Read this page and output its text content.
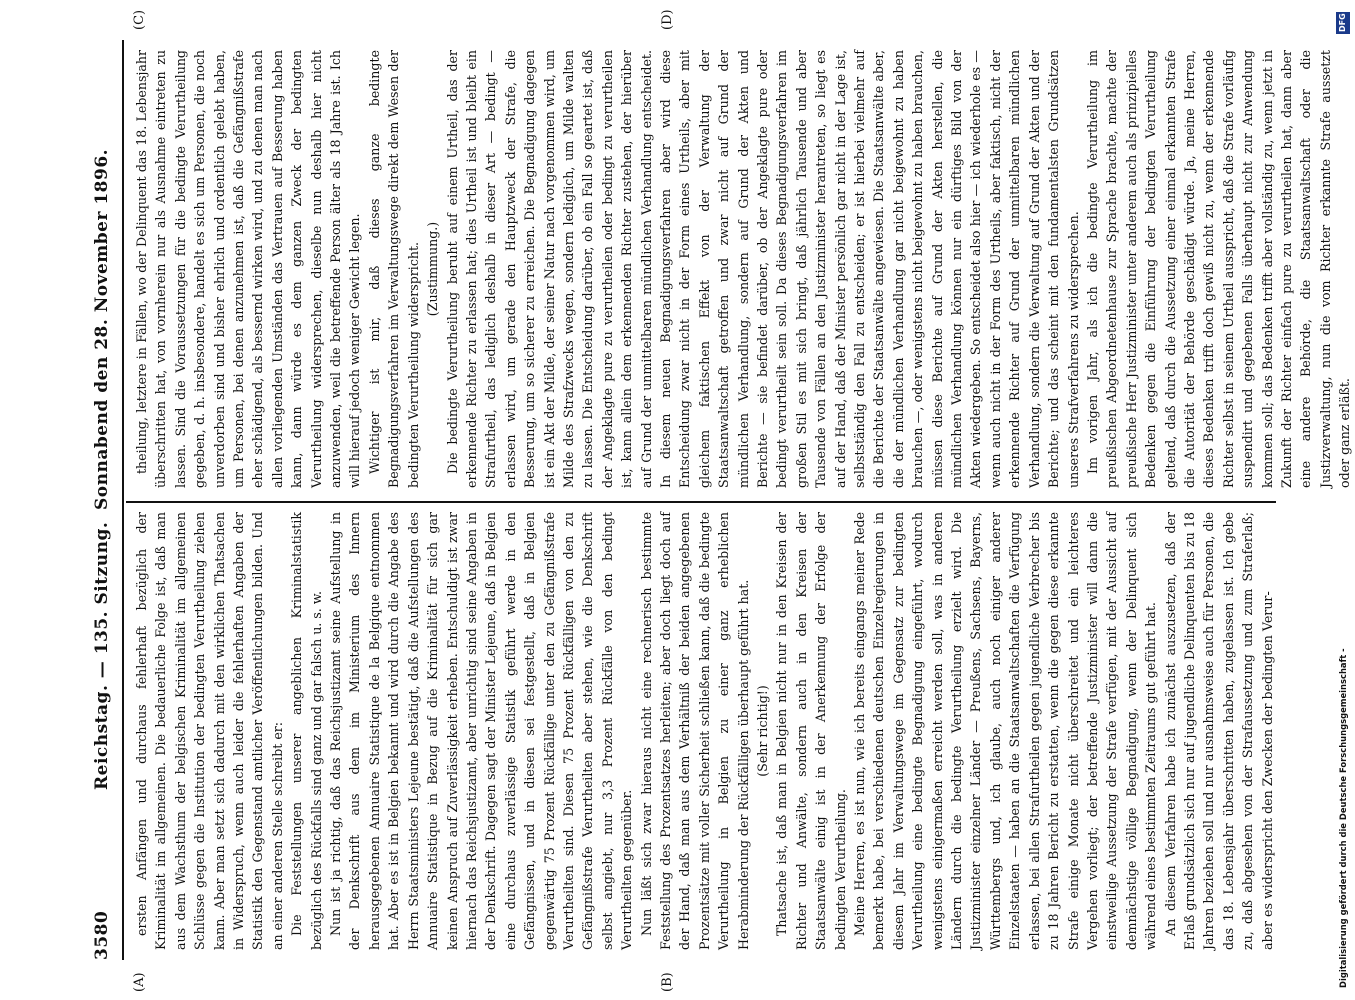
3580
Reichstag. — 135. Sitzung.
Sonnabend den 28. November 1896.
(A)	(B)
(C)	(D)

ersten Anfängen und durchaus fehlerhaft bezüglich der Kriminalität im allgemeinen. Die bedauerliche Folge ist, daß man aus dem Wachsthum der belgischen Kriminalität im allgemeinen Schlüsse gegen die Institution der bedingten Verurtheilung ziehen kann. Aber man setzt sich dadurch mit den wirklichen Thatsachen in Widerspruch, wenn auch leider die fehlerhaften Angaben der Statistik den Gegenstand amtlicher Veröffentlichungen bilden. Und an einer anderen Stelle schreibt er: Die Feststellungen unserer angeblichen Kriminalstatistik bezüglich des Rückfalls sind ganz und gar falsch u. s. w. Nun ist ja richtig, daß das Reichsjustizamt seine Aufstellung in der Denkschrift aus dem im Ministerium des Innern herausgegebenen Annuaire Statistique de la Belgique entnommen hat. Aber es ist in Belgien bekannt und wird durch die Angabe des Herrn Staatsministers Lejeune bestätigt, daß die Aufstellungen des Annuaire Statistique in Bezug auf die Kriminalität für sich gar keinen Anspruch auf Zuverlässigkeit erheben. Entschuldigt ist zwar hiernach das Reichsjustizamt, aber unrichtig sind seine Angaben in der Denkschrift. Dagegen sagt der Minister Lejeune, daß in Belgien eine durchaus zuverlässige Statistik geführt werde in den Gefängnissen, und in diesen sei festgestellt, daß in Belgien gegenwärtig 75 Prozent Rückfällige unter den zu Gefängnißstrafe Verurtheilten sind. Diesen 75 Prozent Rückfälligen von den zu Gefängnißstrafe Verurtheilten aber stehen, wie die Denkschrift selbst angiebt, nur 3,3 Prozent Rückfälle von den bedingt Verurtheilten gegenüber. Nun läßt sich zwar hieraus nicht eine rechnerisch bestimmte Feststellung des Prozentsatzes herleiten; aber doch liegt doch auf der Hand, daß man aus dem Verhältniß der beiden angegebenen Prozentsätze mit voller Sicherheit schließen kann, daß die bedingte Verurtheilung in Belgien zu einer ganz erheblichen Herabminderung der Rückfälligen überhaupt geführt hat. (Sehr richtig!) Thatsache ist, daß man in Belgien nicht nur in den Kreisen der Richter und Anwälte, sondern auch in den Kreisen der Staatsanwälte einig ist in der Anerkennung der Erfolge der bedingten Verurtheilung. Meine Herren, es ist nun, wie ich bereits eingangs meiner Rede bemerkt habe, bei verschiedenen deutschen Einzelregierungen in diesem Jahr im Verwaltungswege im Gegensatz zur bedingten Verurtheilung eine bedingte Begnadigung eingeführt, wodurch wenigstens einigermaßen erreicht werden soll, was in anderen Ländern durch die bedingte Verurtheilung erzielt wird. Die Justizminister einzelner Länder — Preußens, Sachsens, Bayerns, Württembergs und, ich glaube, auch noch einiger anderer Einzelstaaten — haben an die Staatsanwaltschaften die Verfügung erlassen, bei allen Strafurtheilen gegen jugendliche Verbrecher bis zu 18 Jahren Bericht zu erstatten, wenn die gegen diese erkannte Strafe einige Monate nicht überschreitet und ein leichteres Vergehen vorliegt; der betreffende Justizminister will dann die einstweilige Aussetzung der Strafe verfügen, mit der Aussicht auf demnächstige völlige Begnadigung, wenn der Delinquent sich während eines bestimmten Zeitraums gut geführt hat. An diesem Verfahren habe ich zunächst auszusetzen, daß der Erlaß grundsätzlich sich nur auf jugendliche Delinquenten bis zu 18 Jahren beziehen soll und nur ausnahmsweise auch für Personen, die das 18. Lebensjahr überschritten haben, zugelassen ist. Ich gebe zu, daß abgesehen von der Strafaussetzung und zum Straferlaß; aber es widerspricht den Zwecken der bedingten Verur-

theilung, letztere in Fällen, wo der Delinquent das 18. Lebensjahr überschritten hat, von vornherein nur als Ausnahme eintreten zu lassen. Sind die Voraussetzungen für die bedingte Verurtheilung gegeben, d. h. insbesondere, handelt es sich um Personen, die noch unverdorben sind und bisher ehrlich und ordentlich gelebt haben, um Personen, bei denen anzunehmen ist, daß die Gefängnißstrafe eher schädigend, als bessernd wirken wird, und zu denen man nach allen vorliegenden Umständen das Vertrauen auf Besserung haben kann, dann würde es dem ganzen Zweck der bedingten Verurtheilung widersprechen, dieselbe nun deshalb hier nicht anzuwenden, weil die betreffende Person älter als 18 Jahre ist. Ich will hierauf jedoch weniger Gewicht legen. Wichtiger ist mir, daß dieses ganze bedingte Begnadigungsverfahren im Verwaltungswege direkt dem Wesen der bedingten Verurtheilung widerspricht. (Zustimmung.) Die bedingte Verurtheilung beruht auf einem Urtheil, das der erkennende Richter zu erlassen hat; dies Urtheil ist und bleibt ein Strafurtheil, das lediglich deshalb in dieser Art — bedingt — erlassen wird, um gerade den Hauptzweck der Strafe, die Besserung, um so sicherer zu erreichen. Die Begnadigung dagegen ist ein Akt der Milde, der seiner Natur nach vorgenommen wird, um Milde des Strafzwecks wegen, sondern lediglich, um Milde walten zu lassen. Die Entscheidung darüber, ob ein Fall so geartet ist, daß der Angeklagte pure zu verurtheilen oder bedingt zu verurtheilen ist, kann allein dem erkennenden Richter zustehen, der hierüber auf Grund der unmittelbaren mündlichen Verhandlung entscheidet. In diesem neuen Begnadigungsverfahren aber wird diese Entscheidung zwar nicht in der Form eines Urtheils, aber mit gleichem faktischen Effekt von der Verwaltung der Staatsanwaltschaft getroffen und zwar nicht auf Grund der mündlichen Verhandlung, sondern auf Grund der Akten und Berichte — sie befindet darüber, ob der Angeklagte pure oder bedingt verurtheilt sein soll. Da dieses Begnadigungsverfahren im großen Stil es mit sich bringt, daß jährlich Tausende und aber Tausende von Fällen an den Justizminister herantreten, so liegt es auf der Hand, daß der Minister persönlich gar nicht in der Lage ist, selbstständig den Fall zu entscheiden; er ist hierbei vielmehr auf die Berichte der Staatsanwälte angewiesen. Die Staatsanwälte aber, die der mündlichen Verhandlung gar nicht beigewohnt zu haben brauchen —, oder wenigstens nicht beigewohnt zu haben brauchen, müssen diese Berichte auf Grund der Akten herstellen, die mündlichen Verhandlung können nur ein dürftiges Bild von der Akten wiedergeben. So entscheidet also hier — ich wiederhole es — wenn auch nicht in der Form des Urtheils, aber faktisch, nicht der erkennende Richter auf Grund der unmittelbaren mündlichen Verhandlung, sondern die Verwaltung auf Grund der Akten und der Berichte; und das scheint mit den fundamentalsten Grundsätzen unseres Strafverfahrens zu widersprechen. Im vorigen Jahr, als ich die bedingte Verurtheilung im preußischen Abgeordnetenhause zur Sprache brachte, machte der preußische Herr Justizminister unter anderem auch als prinzipielles Bedenken gegen die Einführung der bedingten Verurtheilung geltend, daß durch die Aussetzung einer einmal erkannten Strafe die Autorität der Behörde geschädigt würde. Ja, meine Herren, dieses Bedenken trifft doch gewiß nicht zu, wenn der erkennende Richter selbst in seinem Urtheil ausspricht, daß die Strafe vorläufig suspendirt und gegebenen Falls überhaupt nicht zur Anwendung kommen soll; das Bedenken trifft aber vollständig zu, wenn jetzt in Zukunft der Richter einfach pure zu verurtheilen hat, dann aber eine andere Behörde, die Staatsanwaltschaft oder die Justizverwaltung, nun die vom Richter erkannte Strafe aussetzt oder ganz erläßt.

DFG
Digitalisierung gefördert durch die Deutsche Forschungsgemeinschaft -
